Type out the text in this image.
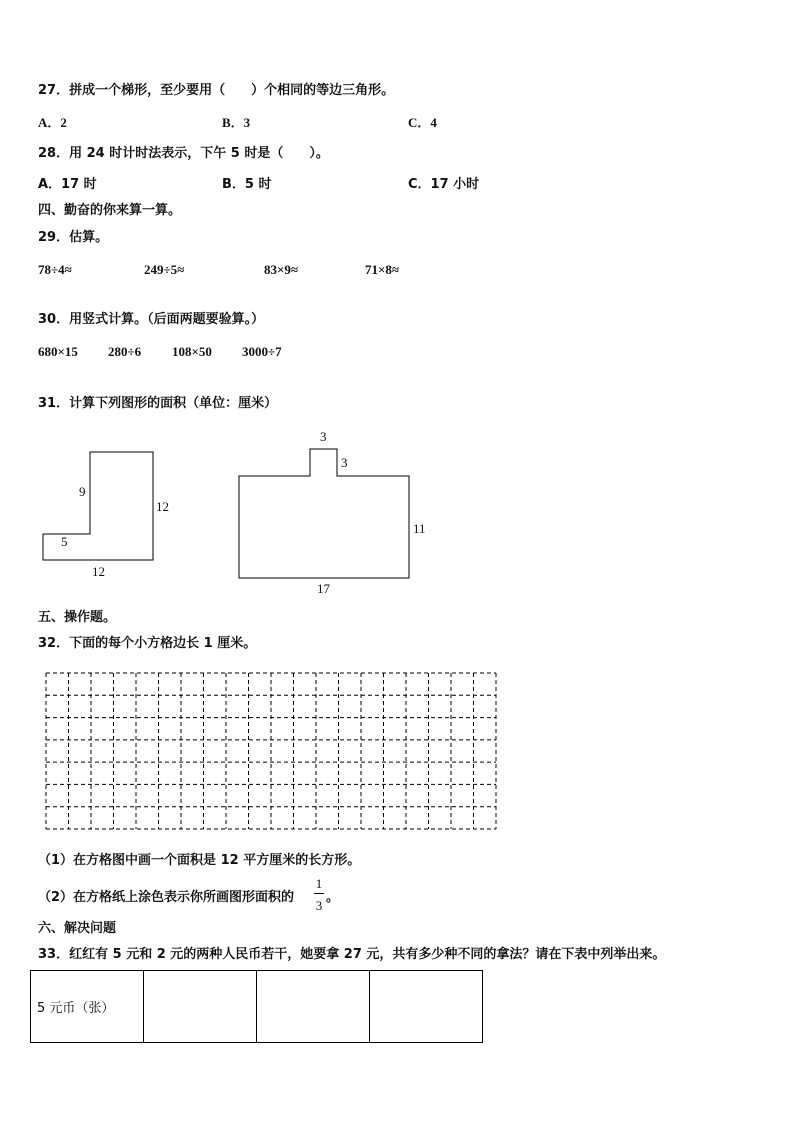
27．拼成一个梯形，至少要用（　　）个相同的等边三角形。
A．2	B．3	C．4
28．用 24 时计时法表示，下午 5 时是（　　）。
A．17 时	B．5 时	C．17 小时
四、勤奋的你来算一算。
29．估算。
78÷4≈	249÷5≈	83×9≈	71×8≈
30．用竖式计算。（后面两题要验算。）
680×15 280÷6 108×50 3000÷7
31．计算下列图形的面积（单位：厘米）
9
12
5
12
3
3
11
17
五、操作题。
32．下面的每个小方格边长 1 厘米。
（1）在方格图中画一个面积是 12 平方厘米的长方形。
（2）在方格纸上涂色表示你所画图形面积的
1
3
。
六、解决问题
33．红红有 5 元和 2 元的两种人民币若干，她要拿 27 元，共有多少种不同的拿法？请在下表中列举出来。
5 元币（张）			
